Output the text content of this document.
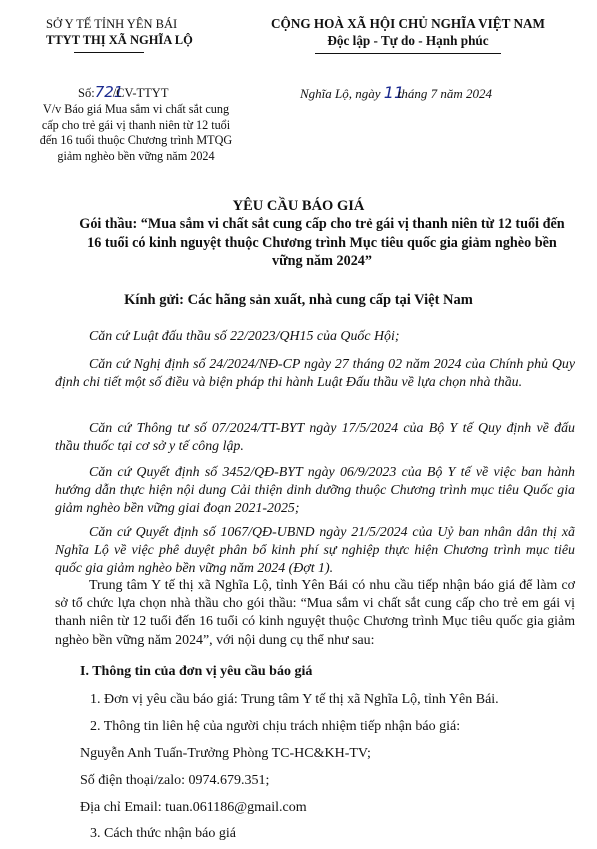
SỞ Y TẾ TỈNH YÊN BÁI
TTYT THỊ XÃ NGHĨA LỘ
CỘNG HOÀ XÃ HỘI CHỦ NGHĨA VIỆT NAM
Độc lập - Tự do - Hạnh phúc
Số:721/CV-TTYT
V/v Báo giá Mua sắm vi chất sắt cung cấp cho trẻ gái vị thanh niên từ 12 tuổi đến 16 tuổi thuộc Chương trình MTQG giảm nghèo bền vững năm 2024
Nghĩa Lộ, ngày 11tháng 7 năm 2024
YÊU CẦU BÁO GIÁ
Gói thầu: “Mua sắm vi chất sắt cung cấp cho trẻ gái vị thanh niên từ 12 tuổi đến 16 tuổi có kinh nguyệt thuộc Chương trình Mục tiêu quốc gia giảm nghèo bền vững năm 2024”
Kính gửi: Các hãng sản xuất, nhà cung cấp tại Việt Nam
Căn cứ Luật đấu thầu số 22/2023/QH15 của Quốc Hội;
Căn cứ Nghị định số 24/2024/NĐ-CP ngày 27 tháng 02 năm 2024 của Chính phủ Quy định chi tiết một số điều và biện pháp thi hành Luật Đấu thầu về lựa chọn nhà thầu.
Căn cứ Thông tư số 07/2024/TT-BYT ngày 17/5/2024 của Bộ Y tế Quy định về đấu thầu thuốc tại cơ sở y tế công lập.
Căn cứ Quyết định số 3452/QĐ-BYT ngày 06/9/2023 của Bộ Y tế về việc ban hành hướng dẫn thực hiện nội dung Cải thiện dinh dưỡng thuộc Chương trình mục tiêu Quốc gia giảm nghèo bền vững giai đoạn 2021-2025;
Căn cứ Quyết định số 1067/QĐ-UBND ngày 21/5/2024 của Uỷ ban nhân dân thị xã Nghĩa Lộ về việc phê duyệt phân bổ kinh phí sự nghiệp thực hiện Chương trình mục tiêu quốc gia giảm nghèo bền vững năm 2024 (Đợt 1).
Trung tâm Y tế thị xã Nghĩa Lộ, tỉnh Yên Bái có nhu cầu tiếp nhận báo giá để làm cơ sở tổ chức lựa chọn nhà thầu cho gói thầu: “Mua sắm vi chất sắt cung cấp cho trẻ em gái vị thanh niên từ 12 tuổi đến 16 tuổi có kinh nguyệt thuộc Chương trình Mục tiêu quốc gia giảm nghèo bền vững năm 2024”, với nội dung cụ thể như sau:
I. Thông tin của đơn vị yêu cầu báo giá
1. Đơn vị yêu cầu báo giá: Trung tâm Y tế thị xã Nghĩa Lộ, tỉnh Yên Bái.
2. Thông tin liên hệ của người chịu trách nhiệm tiếp nhận báo giá:
Nguyễn Anh Tuấn-Trưởng Phòng TC-HC&KH-TV;
Số điện thoại/zalo: 0974.679.351;
Địa chỉ Email: tuan.061186@gmail.com
3. Cách thức nhận báo giá
